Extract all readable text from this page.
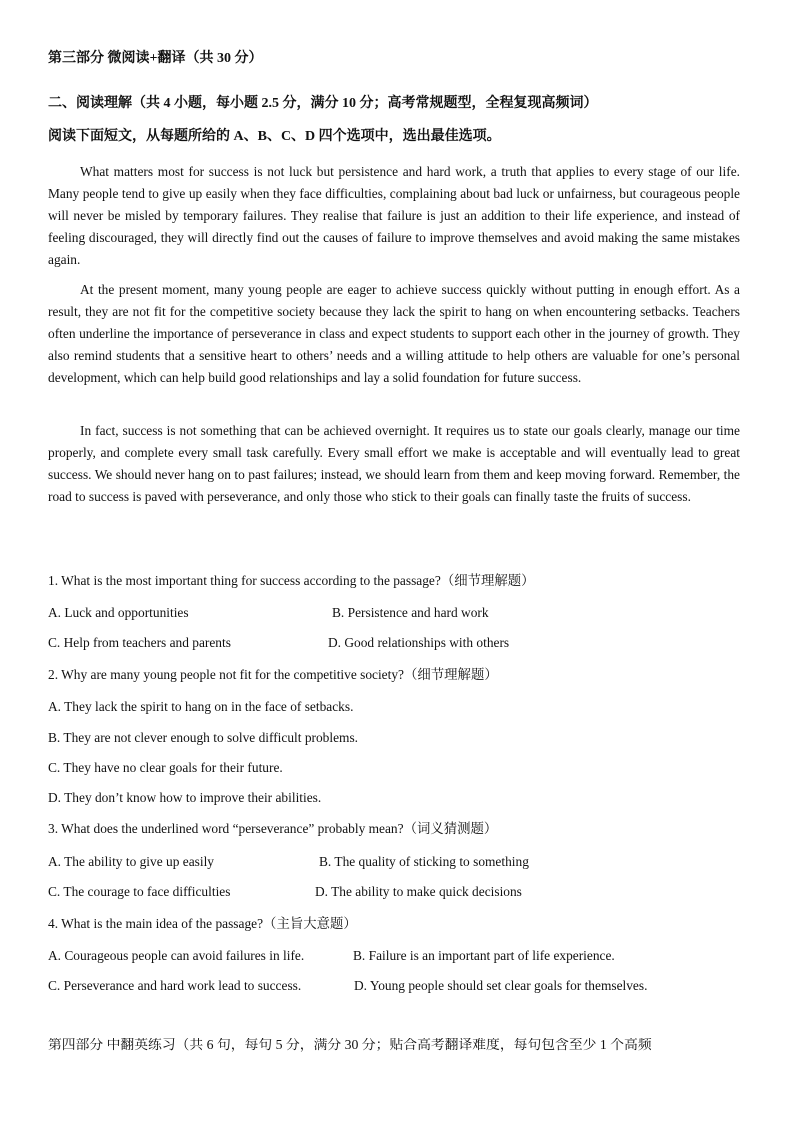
第三部分 微阅读+翻译（共 30 分）
二、阅读理解（共 4 小题，每小题 2.5 分，满分 10 分；高考常规题型，全程复现高频词）
阅读下面短文，从每题所给的 A、B、C、D 四个选项中，选出最佳选项。
What matters most for success is not luck but persistence and hard work, a truth that applies to every stage of our life. Many people tend to give up easily when they face difficulties, complaining about bad luck or unfairness, but courageous people will never be misled by temporary failures. They realise that failure is just an addition to their life experience, and instead of feeling discouraged, they will directly find out the causes of failure to improve themselves and avoid making the same mistakes again.
At the present moment, many young people are eager to achieve success quickly without putting in enough effort. As a result, they are not fit for the competitive society because they lack the spirit to hang on when encountering setbacks. Teachers often underline the importance of perseverance in class and expect students to support each other in the journey of growth. They also remind students that a sensitive heart to others’ needs and a willing attitude to help others are valuable for one’s personal development, which can help build good relationships and lay a solid foundation for future success.
In fact, success is not something that can be achieved overnight. It requires us to state our goals clearly, manage our time properly, and complete every small task carefully. Every small effort we make is acceptable and will eventually lead to great success. We should never hang on to past failures; instead, we should learn from them and keep moving forward. Remember, the road to success is paved with perseverance, and only those who stick to their goals can finally taste the fruits of success.
1. What is the most important thing for success according to the passage?（细节理解题）
A. Luck and opportunities	B. Persistence and hard work
C. Help from teachers and parents	D. Good relationships with others
2. Why are many young people not fit for the competitive society?（细节理解题）
A. They lack the spirit to hang on in the face of setbacks.
B. They are not clever enough to solve difficult problems.
C. They have no clear goals for their future.
D. They don’t know how to improve their abilities.
3. What does the underlined word “perseverance” probably mean?（词义猜测题）
A. The ability to give up easily	B. The quality of sticking to something
C. The courage to face difficulties	D. The ability to make quick decisions
4. What is the main idea of the passage?（主旨大意题）
A. Courageous people can avoid failures in life.	B. Failure is an important part of life experience.
C. Perseverance and hard work lead to success.	D. Young people should set clear goals for themselves.
第四部分 中翻英练习（共 6 句，每句 5 分，满分 30 分；贴合高考翻译难度，每句包含至少 1 个高频
